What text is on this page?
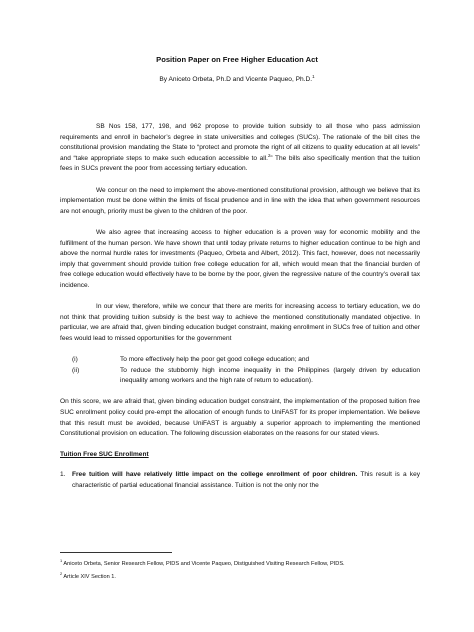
Position Paper on Free Higher Education Act
By Aniceto Orbeta, Ph.D and Vicente Paqueo, Ph.D.$^1$

SB Nos 158, 177, 198, and 962 propose to provide tuition subsidy to all those who pass admission requirements and enroll in bachelor’s degree in state universities and colleges (SUCs). The rationale of the bill cites the constitutional provision mandating the State to “protect and promote the right of all citizens to quality education at all levels” and “take appropriate steps to make such education accessible to all.$^2$” The bills also specifically mention that the tuition fees in SUCs prevent the poor from accessing tertiary education.

We concur on the need to implement the above-mentioned constitutional provision, although we believe that its implementation must be done within the limits of fiscal prudence and in line with the idea that when government resources are not enough, priority must be given to the children of the poor.

We also agree that increasing access to higher education is a proven way for economic mobility and the fulfillment of the human person. We have shown that until today private returns to higher education continue to be high and above the normal hurdle rates for investments (Paqueo, Orbeta and Albert, 2012). This fact, however, does not necessarily imply that government should provide tuition free college education for all, which would mean that the financial burden of free college education would effectively have to be borne by the poor, given the regressive nature of the country’s overall tax incidence.

In our view, therefore, while we concur that there are merits for increasing access to tertiary education, we do not think that providing tuition subsidy is the best way to achieve the mentioned constitutionally mandated objective. In particular, we are afraid that, given binding education budget constraint, making enrollment in SUCs free of tuition and other fees would lead to missed opportunities for the government

(i)	To more effectively help the poor get good college education; and
(ii)	To reduce the stubbornly high income inequality in the Philippines (largely driven by education inequality among workers and the high rate of return to education).

On this score, we are afraid that, given binding education budget constraint, the implementation of the proposed tuition free SUC enrollment policy could pre-empt the allocation of enough funds to UniFAST for its proper implementation. We believe that this result must be avoided, because UniFAST is arguably a superior approach to implementing the mentioned Constitutional provision on education. The following discussion elaborates on the reasons for our stated views.

Tuition Free SUC Enrollment
1. Free tuition will have relatively little impact on the college enrollment of poor children. This result is a key characteristic of partial educational financial assistance. Tuition is not the only nor the
$^1$ Aniceto Orbeta, Senior Research Fellow, PIDS and Vicente Paqueo, Distiguished Visiting Research Fellow, PIDS.
$^2$ Article XIV Section 1.
